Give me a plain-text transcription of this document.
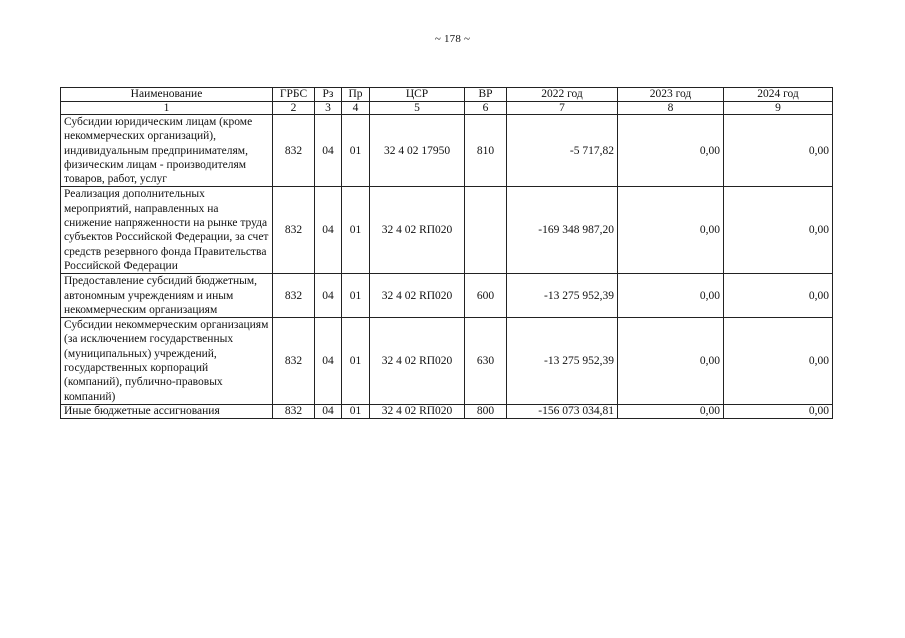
~ 178 ~
Наименование	ГРБС	Рз	Пр	ЦСР	ВР	2022 год	2023 год	2024 год
1	2	3	4	5	6	7	8	9
Субсидии юридическим лицам (кроме некоммерческих организаций), индивидуальным предпринимателям, физическим лицам - производителям товаров, работ, услуг	832	04	01	32 4 02 17950	810	-5 717,82	0,00	0,00
Реализация дополнительных мероприятий, направленных на снижение напряженности на рынке труда субъектов Российской Федерации, за счет средств резервного фонда Правительства Российской Федерации	832	04	01	32 4 02 RП020		-169 348 987,20	0,00	0,00
Предоставление субсидий бюджетным, автономным учреждениям и иным некоммерческим организациям	832	04	01	32 4 02 RП020	600	-13 275 952,39	0,00	0,00
Субсидии некоммерческим организациям (за исключением государственных (муниципальных) учреждений, государственных корпораций (компаний), публично-правовых компаний)	832	04	01	32 4 02 RП020	630	-13 275 952,39	0,00	0,00
Иные бюджетные ассигнования	832	04	01	32 4 02 RП020	800	-156 073 034,81	0,00	0,00
